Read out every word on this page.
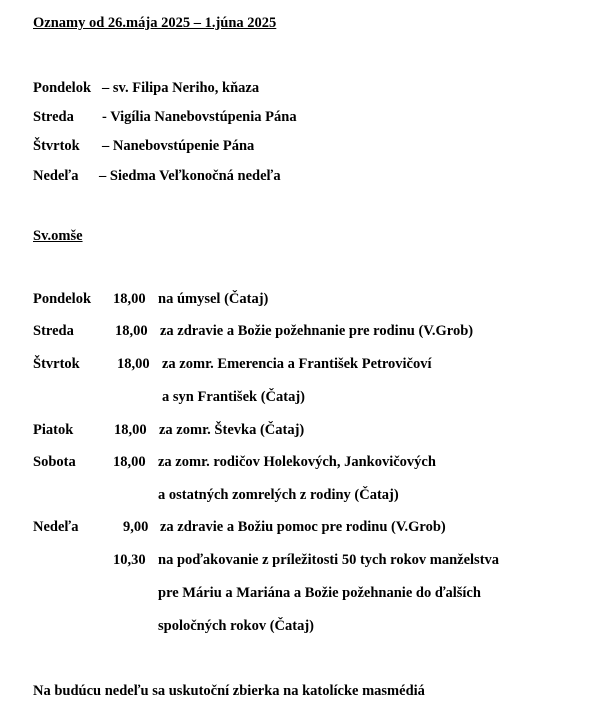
Oznamy od 26.mája 2025 – 1.júna 2025
Pondelok – sv. Filipa Neriho, kňaza
Streda - Vigília Nanebovstúpenia Pána
Štvrtok – Nanebovstúpenie Pána
Nedeľa – Siedma Veľkonočná nedeľa
Sv.omše
Pondelok 18,00 na úmysel (Čataj)
Streda	18,00 za zdravie a Božie požehnanie pre rodinu (V.Grob)
Štvrtok	18,00 za zomr. Emerencia a František Petrovičoví
a syn František (Čataj)
Piatok	18,00 za zomr. Števka (Čataj)
Sobota	18,00 za zomr. rodičov Holekových, Jankovičových
a ostatných zomrelých z rodiny (Čataj)
Nedeľa	9,00 za zdravie a Božiu pomoc pre rodinu (V.Grob)
10,30 na poďakovanie z príležitosti 50 tych rokov manželstva
pre Máriu a Mariána a Božie požehnanie do ďalších
spoločných rokov (Čataj)
Na budúcu nedeľu sa uskutoční zbierka na katolícke masmédiá
